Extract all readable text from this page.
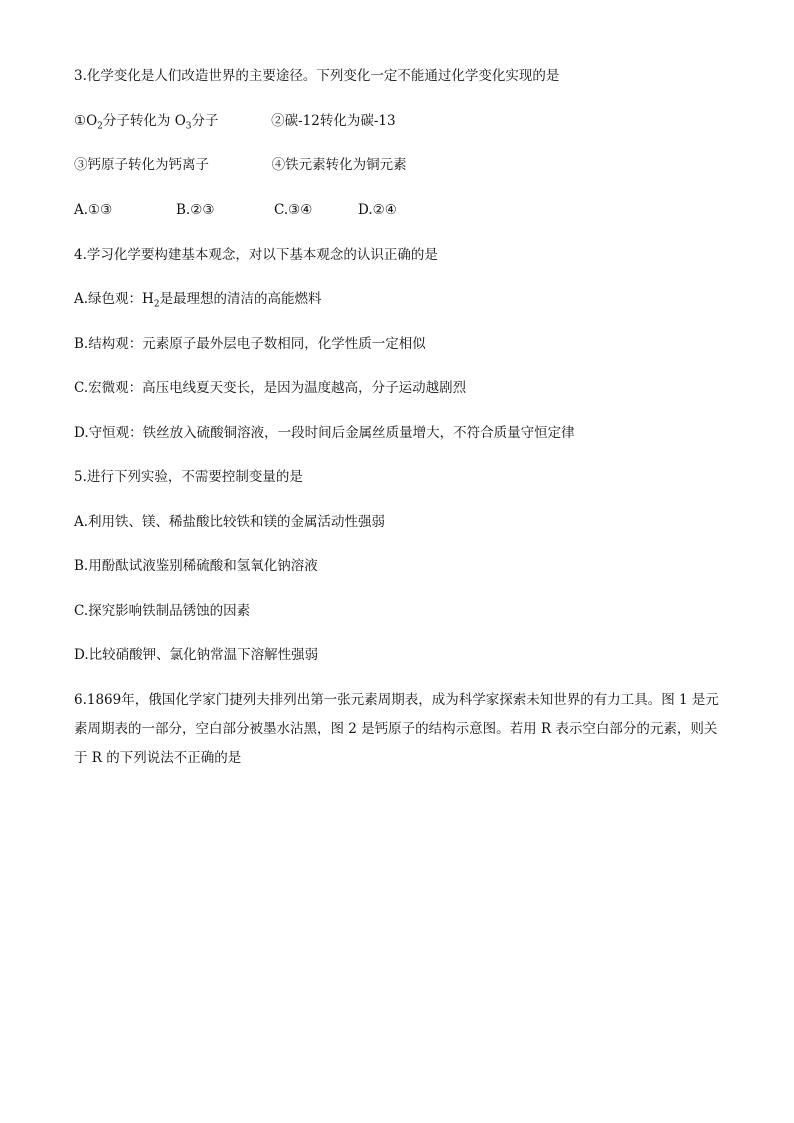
3.化学变化是人们改造世界的主要途径。下列变化一定不能通过化学变化实现的是
$①O_2$分子转化为 $O_3$分子	②碳-12转化为碳-13
③钙原子转化为钙离子	④铁元素转化为铜元素
A.①③	B.②③	C.③④	D.②④
4.学习化学要构建基本观念，对以下基本观念的认识正确的是
A.绿色观：$H_2$是最理想的清洁的高能燃料
B.结构观：元素原子最外层电子数相同，化学性质一定相似
C.宏微观：高压电线夏天变长，是因为温度越高，分子运动越剧烈
D.守恒观：铁丝放入硫酸铜溶液，一段时间后金属丝质量增大，不符合质量守恒定律
5.进行下列实验，不需要控制变量的是
A.利用铁、镁、稀盐酸比较铁和镁的金属活动性强弱
B.用酚酞试液鉴别稀硫酸和氢氧化钠溶液
C.探究影响铁制品锈蚀的因素
D.比较硝酸钾、氯化钠常温下溶解性强弱
6.1869年，俄国化学家门捷列夫排列出第一张元素周期表，成为科学家探索未知世界的有力工具。图 1 是元素周期表的一部分，空白部分被墨水沾黑，图 2 是钙原子的结构示意图。若用 R 表示空白部分的元素，则关于 R 的下列说法不正确的是
